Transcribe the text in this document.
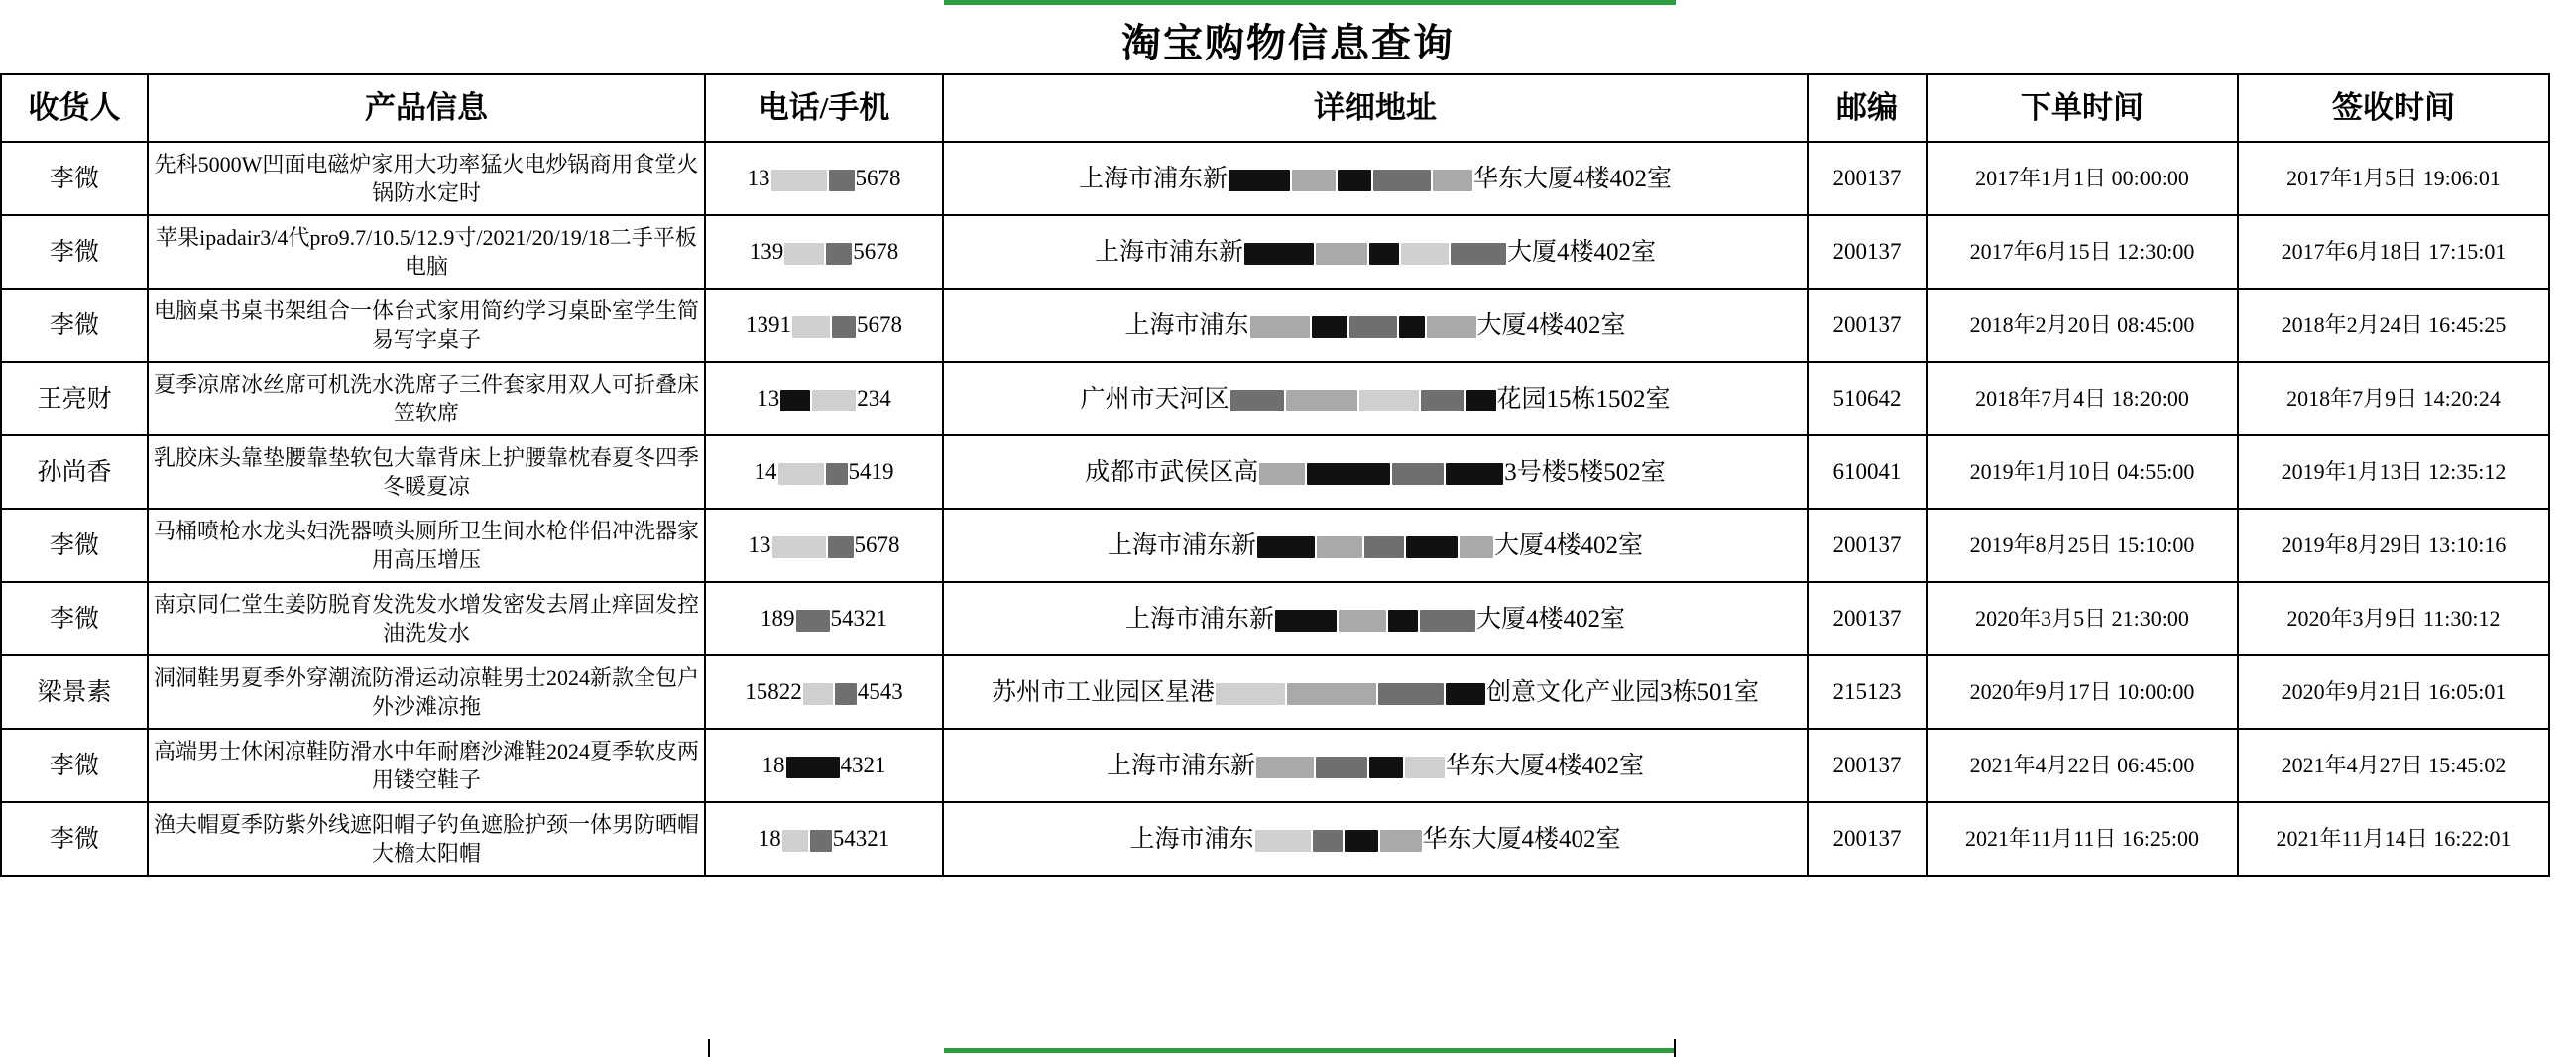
淘宝购物信息查询
收货人	产品信息	电话/手机	详细地址	邮编	下单时间	签收时间
李微	先科5000W凹面电磁炉家用大功率猛火电炒锅商用食堂火锅防水定时	13 5678	上海市浦东新 华东大厦4楼402室	200137	2017年1月1日 00:00:00	2017年1月5日 19:06:01
李微	苹果ipadair3/4代pro9.7/10.5/12.9寸/2021/20/19/18二手平板电脑	139 5678	上海市浦东新 大厦4楼402室	200137	2017年6月15日 12:30:00	2017年6月18日 17:15:01
李微	电脑桌书桌书架组合一体台式家用简约学习桌卧室学生简易写字桌子	1391 5678	上海市浦东 大厦4楼402室	200137	2018年2月20日 08:45:00	2018年2月24日 16:45:25
王亮财	夏季凉席冰丝席可机洗水洗席子三件套家用双人可折叠床笠软席	13 234	广州市天河区 花园15栋1502室	510642	2018年7月4日 18:20:00	2018年7月9日 14:20:24
孙尚香	乳胶床头靠垫腰靠垫软包大靠背床上护腰靠枕春夏冬四季冬暖夏凉	14 5419	成都市武侯区高 3号楼5楼502室	610041	2019年1月10日 04:55:00	2019年1月13日 12:35:12
李微	马桶喷枪水龙头妇洗器喷头厕所卫生间水枪伴侣冲洗器家用高压增压	13 5678	上海市浦东新 大厦4楼402室	200137	2019年8月25日 15:10:00	2019年8月29日 13:10:16
李微	南京同仁堂生姜防脱育发洗发水增发密发去屑止痒固发控油洗发水	189 54321	上海市浦东新 大厦4楼402室	200137	2020年3月5日 21:30:00	2020年3月9日 11:30:12
梁景素	洞洞鞋男夏季外穿潮流防滑运动凉鞋男士2024新款全包户外沙滩凉拖	15822 4543	苏州市工业园区星港 创意文化产业园3栋501室	215123	2020年9月17日 10:00:00	2020年9月21日 16:05:01
李微	高端男士休闲凉鞋防滑水中年耐磨沙滩鞋2024夏季软皮两用镂空鞋子	18 4321	上海市浦东新 华东大厦4楼402室	200137	2021年4月22日 06:45:00	2021年4月27日 15:45:02
李微	渔夫帽夏季防紫外线遮阳帽子钓鱼遮脸护颈一体男防晒帽大檐太阳帽	18 54321	上海市浦东 华东大厦4楼402室	200137	2021年11月11日 16:25:00	2021年11月14日 16:22:01
